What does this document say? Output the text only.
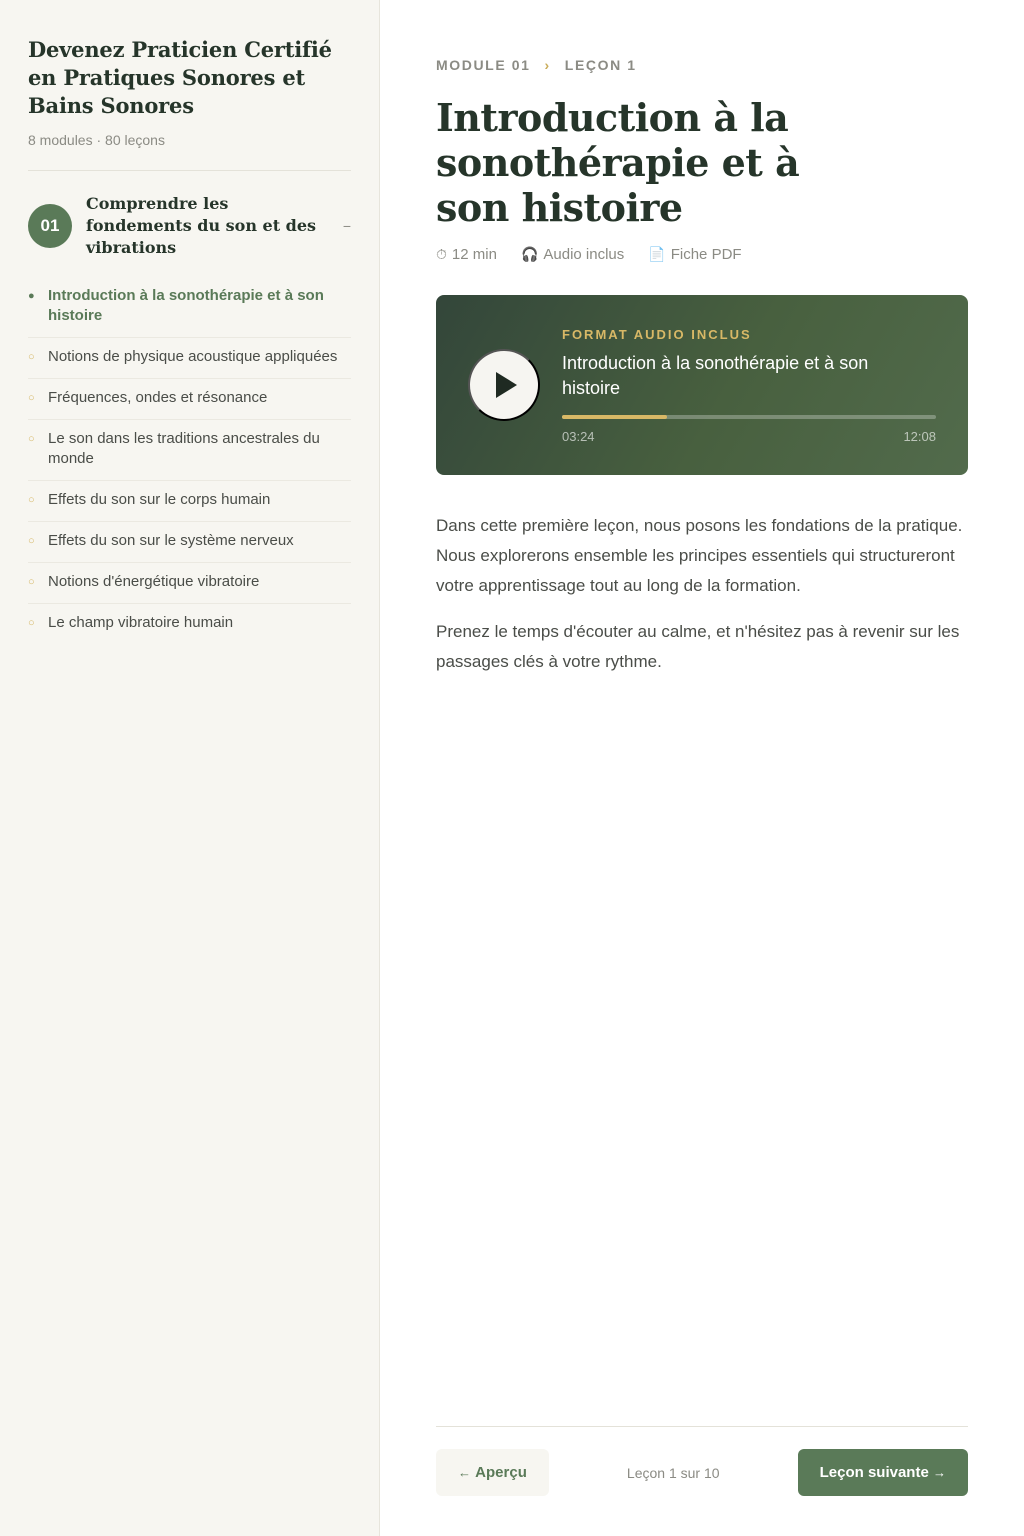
Devenez Praticien Certifié en Pratiques Sonores et Bains Sonores
8 modules · 80 leçons
01
Comprendre les fondements du son et des vibrations
−
● Introduction à la sonothérapie et à son histoire
○ Notions de physique acoustique appliquées
○ Fréquences, ondes et résonance
○ Le son dans les traditions ancestrales du monde
○ Effets du son sur le corps humain
○ Effets du son sur le système nerveux
○ Notions d'énergétique vibratoire
○ Le champ vibratoire humain
MODULE 01 › LEÇON 1
Introduction à la sonothérapie et à son histoire
⏱ 12 min 🎧 Audio inclus 📄 Fiche PDF
FORMAT AUDIO INCLUS
Introduction à la sonothérapie et à son histoire
03:24	12:08

Dans cette première leçon, nous posons les fondations de la pratique. Nous explorerons ensemble les principes essentiels qui structureront votre apprentissage tout au long de la formation.

Prenez le temps d'écouter au calme, et n'hésitez pas à revenir sur les passages clés à votre rythme.

←
Aperçu	Leçon 1 sur 10	Leçon suivante
→
